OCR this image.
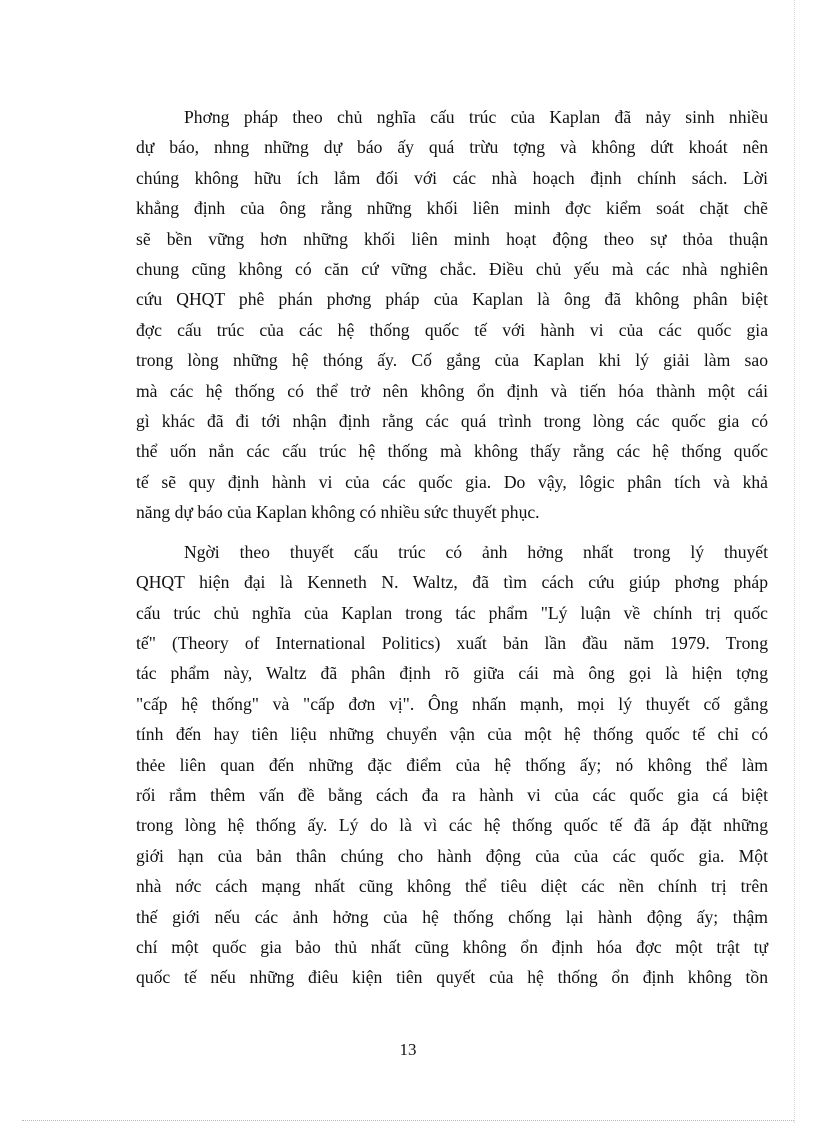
Phơng pháp theo chủ nghĩa cấu trúc của Kaplan đã nảy sinh nhiều
dự báo, nhng những dự báo ấy quá trừu tợng và không dứt khoát nên
chúng không hữu ích lắm đối với các nhà hoạch định chính sách. Lời
khẳng định của ông rằng những khối liên minh đợc kiểm soát chặt chẽ
sẽ bền vững hơn những khối liên minh hoạt động theo sự thỏa thuận
chung cũng không có căn cứ vững chắc. Điều chủ yếu mà các nhà nghiên
cứu QHQT phê phán phơng pháp của Kaplan là ông đã không phân biệt
đợc cấu trúc của các hệ thống quốc tế với hành vi của các quốc gia
trong lòng những hệ thóng ấy. Cố gắng của Kaplan khi lý giải làm sao
mà các hệ thống có thể trở nên không ổn định và tiến hóa thành một cái
gì khác đã đi tới nhận định rằng các quá trình trong lòng các quốc gia có
thể uốn nắn các cấu trúc hệ thống mà không thấy rằng các hệ thống quốc
tế sẽ quy định hành vi của các quốc gia. Do vậy, lôgic phân tích và khả
năng dự báo của Kaplan không có nhiều sức thuyết phục.
Ngời theo thuyết cấu trúc có ảnh hởng nhất trong lý thuyết
QHQT hiện đại là Kenneth N. Waltz, đã tìm cách cứu giúp phơng pháp
cấu trúc chủ nghĩa của Kaplan trong tác phẩm "Lý luận về chính trị quốc
tế" (Theory of International Politics) xuất bản lần đầu năm 1979. Trong
tác phẩm này, Waltz đã phân định rõ giữa cái mà ông gọi là hiện tợng
"cấp hệ thống" và "cấp đơn vị". Ông nhấn mạnh, mọi lý thuyết cố gắng
tính đến hay tiên liệu những chuyển vận của một hệ thống quốc tế chỉ có
thẻe liên quan đến những đặc điểm của hệ thống ấy; nó không thể làm
rối rắm thêm vấn đề bằng cách đa ra hành vi của các quốc gia cá biệt
trong lòng hệ thống ấy. Lý do là vì các hệ thống quốc tế đã áp đặt những
giới hạn của bản thân chúng cho hành động của của các quốc gia. Một
nhà nớc cách mạng nhất cũng không thể tiêu diệt các nền chính trị trên
thế giới nếu các ảnh hởng của hệ thống chống lại hành động ấy; thậm
chí một quốc gia bảo thủ nhất cũng không ổn định hóa đợc một trật tự
quốc tế nếu những điêu kiện tiên quyết của hệ thống ổn định không tồn
13
